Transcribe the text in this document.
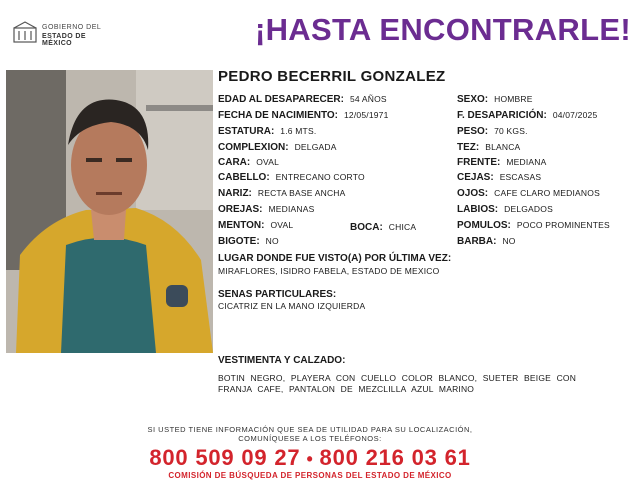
GOBIERNO DEL
ESTADO DE MÉXICO	¡HASTA ENCONTRARLE!
PEDRO BECERRIL GONZALEZ
EDAD AL DESAPARECER: 54 AÑOS
FECHA DE NACIMIENTO: 12/05/1971
ESTATURA: 1.6 MTS.
COMPLEXION: DELGADA
CARA: OVAL
CABELLO: ENTRECANO CORTO
NARIZ: RECTA BASE ANCHA
OREJAS: MEDIANAS
MENTON: OVAL
BIGOTE: NO
BOCA: CHICA
SEXO: HOMBRE
F. DESAPARICIÓN: 04/07/2025
PESO: 70 KGS.
TEZ: BLANCA
FRENTE: MEDIANA
CEJAS: ESCASAS
OJOS: CAFE CLARO MEDIANOS
LABIOS: DELGADOS
POMULOS: POCO PROMINENTES
BARBA: NO
LUGAR DONDE FUE VISTO(A) POR ÚLTIMA VEZ:
MIRAFLORES, ISIDRO FABELA, ESTADO DE MEXICO
SENAS PARTICULARES:
CICATRIZ EN LA MANO IZQUIERDA
VESTIMENTA Y CALZADO:
BOTIN NEGRO, PLAYERA CON CUELLO COLOR BLANCO, SUETER BEIGE CON FRANJA CAFE, PANTALON DE MEZCLILLA AZUL MARINO
SI USTED TIENE INFORMACIÓN QUE SEA DE UTILIDAD PARA SU LOCALIZACIÓN,
COMUNÍQUESE A LOS TELÉFONOS:
800 509 09 27 • 800 216 03 61
COMISIÓN DE BÚSQUEDA DE PERSONAS DEL ESTADO DE MÉXICO
